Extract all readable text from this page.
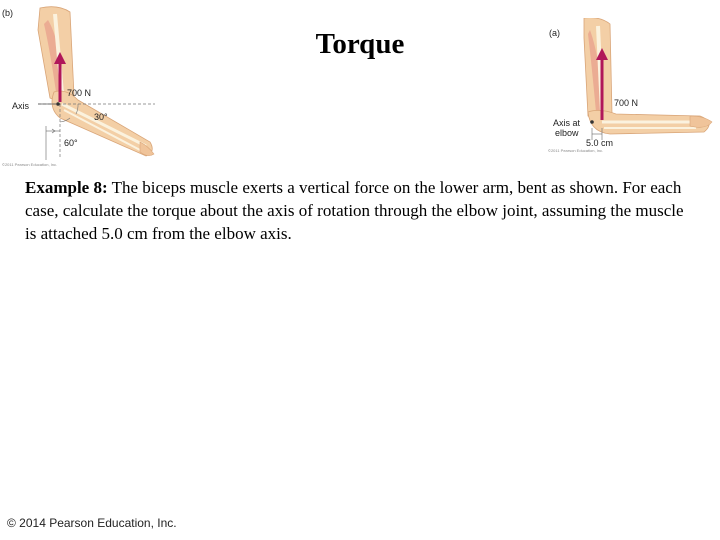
Torque
(b)
700 N
Axis
30°
60°
©2011 Pearson Education, Inc.
(a)
700 N
Axis at
elbow
5.0 cm
©2011 Pearson Education, Inc.
Example 8: The biceps muscle exerts a vertical force on the lower arm, bent as shown. For each case, calculate the torque about the axis of rotation through the elbow joint, assuming the muscle is attached 5.0 cm from the elbow axis.
© 2014 Pearson Education, Inc.
